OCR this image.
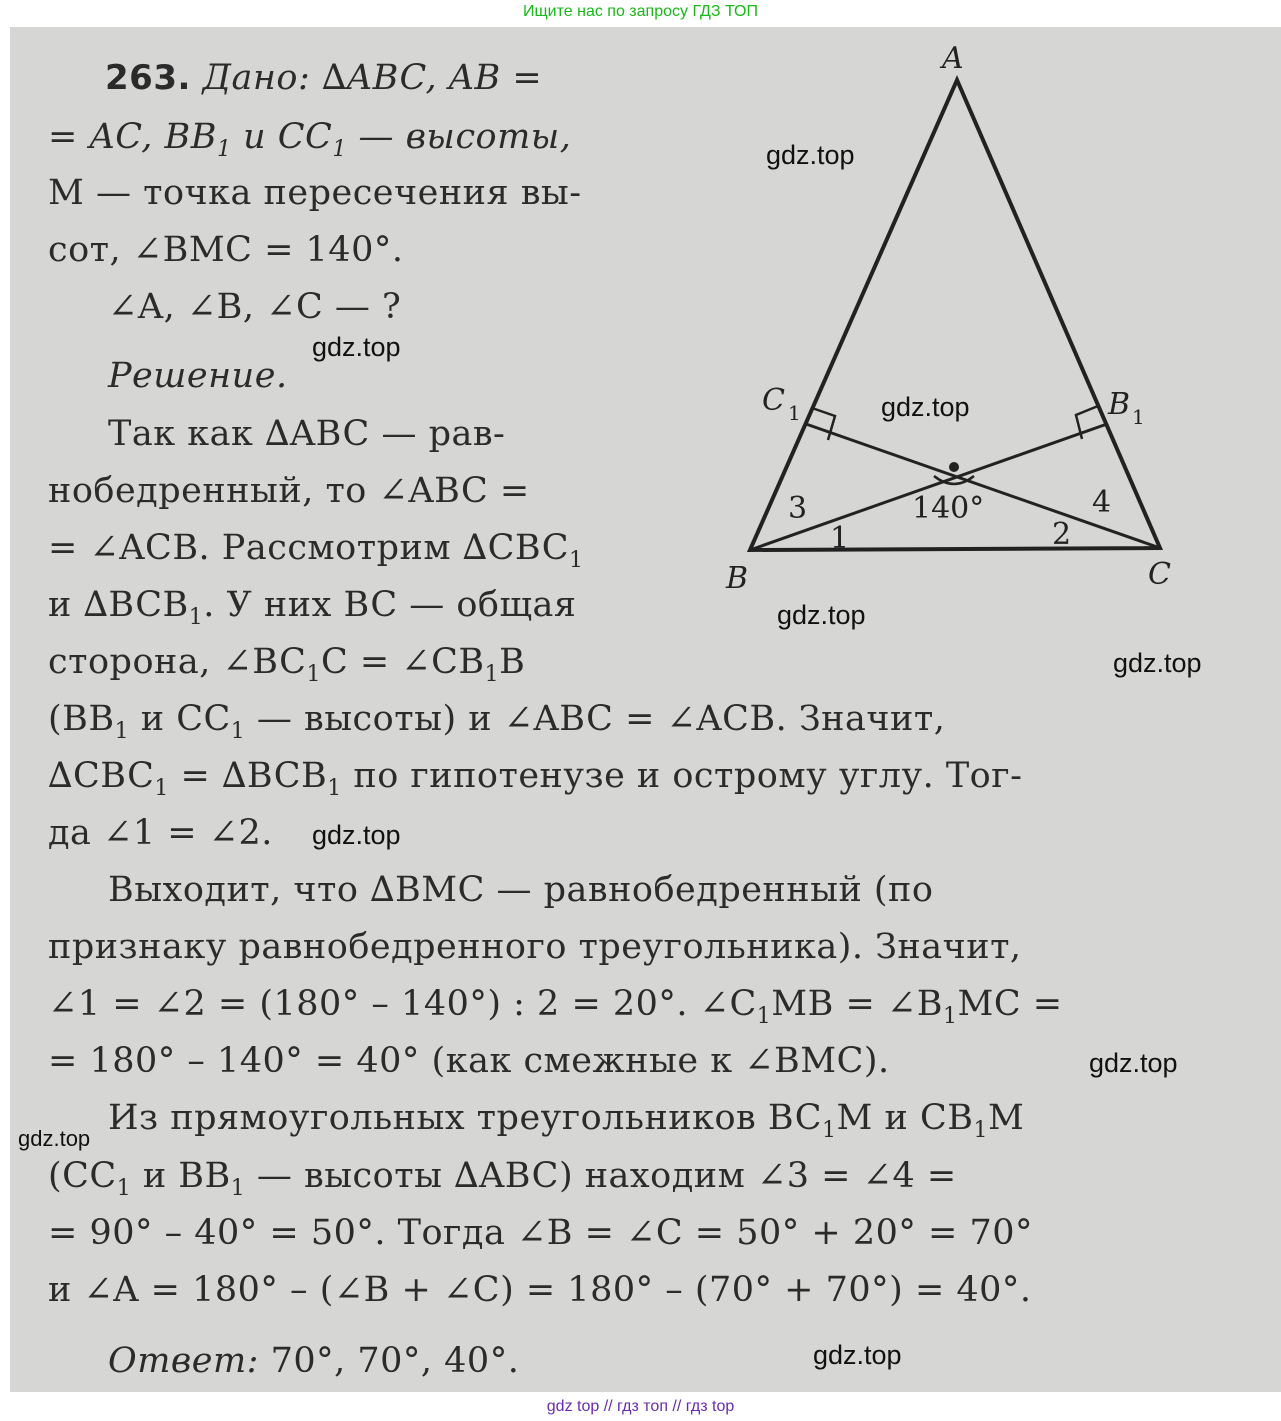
Ищите нас по запросу ГДЗ ТОП
A
B	C
C 1	B 1
140°
1	2
3	4
263. Дано: ∆ABC, AB =
= AC, $BB_1$ и $CC_1$ — высоты,
M — точка пересечения вы-
сот, ∠BMC = 140°.
∠A, ∠B, ∠C — ?
Решение.
Так как ∆ABC — рав-
нобедренный, то ∠ABC =
= ∠ACB. Рассмотрим $\Delta CBC_1$
и $\Delta BCB_1$. У них BC — общая
сторона, $\angle BC_1C$ = $\angle CB_1B$
($BB_1$ и $CC_1$ — высоты) и ∠ABC = ∠ACB. Значит,
$\Delta CBC_1 = \Delta BCB_1$ по гипотенузе и острому углу. Тог-
да ∠1 = ∠2.
Выходит, что ∆BMC — равнобедренный (по
признаку равнобедренного треугольника). Значит,
∠1 = ∠2 = (180° – 140°) : 2 = 20°. $\angle C_1MB$ = $\angle B_1MC$ =
= 180° – 140° = 40° (как смежные к ∠BMC).
Из прямоугольных треугольников $BC_1M$ и $CB_1M$
($CC_1$ и $BB_1$ — высоты ∆ABC) находим ∠3 = ∠4 =
= 90° – 40° = 50°. Тогда ∠B = ∠C = 50° + 20° = 70°
и ∠A = 180° – (∠B + ∠C) = 180° – (70° + 70°) = 40°.
Ответ: 70°, 70°, 40°.
gdz.top
gdz.top
gdz.top
gdz.top
gdz.top
gdz.top
gdz.top
gdz.top
gdz.top
gdz top // гдз топ // гдз top
